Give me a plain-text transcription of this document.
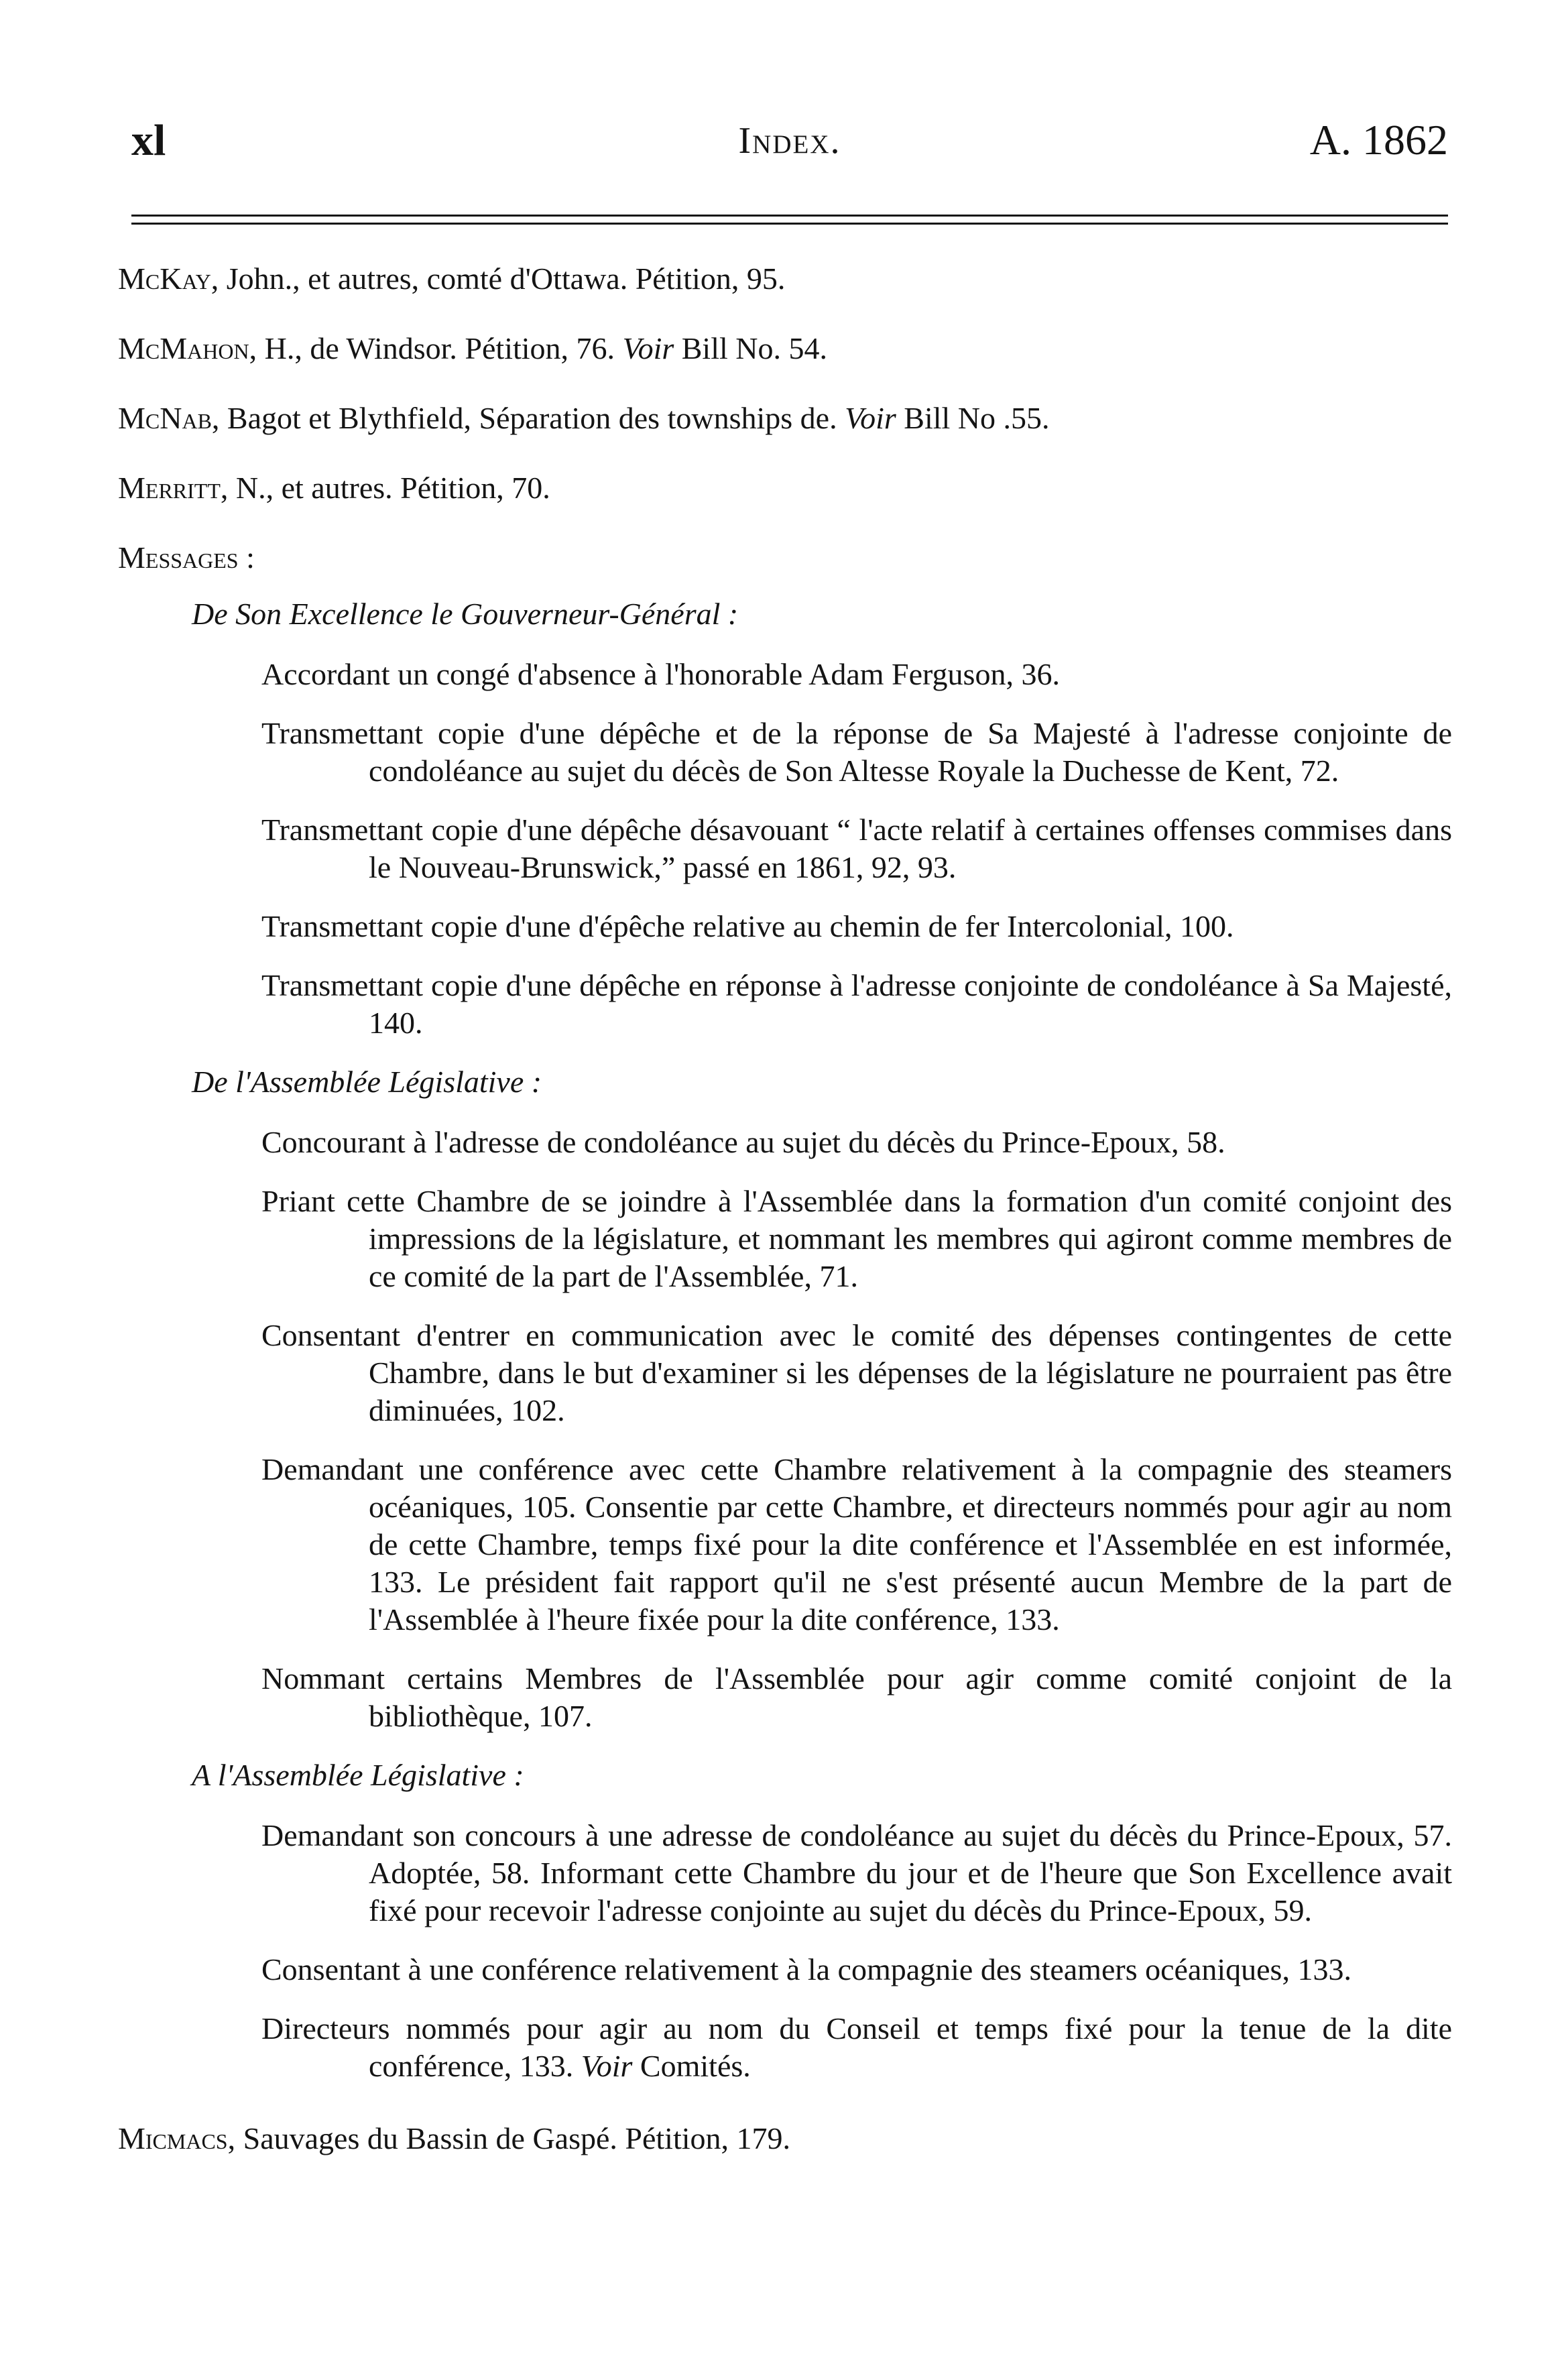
xl	Index.	A. 1862
McKay, John., et autres, comté d'Ottawa. Pétition, 95.
McMahon, H., de Windsor. Pétition, 76. Voir Bill No. 54.
McNab, Bagot et Blythfield, Séparation des townships de. Voir Bill No .55.
Merritt, N., et autres. Pétition, 70.
Messages :
De Son Excellence le Gouverneur-Général :
Accordant un congé d'absence à l'honorable Adam Ferguson, 36.
Transmettant copie d'une dépêche et de la réponse de Sa Majesté à l'adresse conjointe de condoléance au sujet du décès de Son Altesse Royale la Duchesse de Kent, 72.
Transmettant copie d'une dépêche désavouant “ l'acte relatif à certaines offenses commises dans le Nouveau-Brunswick,” passé en 1861, 92, 93.
Transmettant copie d'une d'épêche relative au chemin de fer Intercolonial, 100.
Transmettant copie d'une dépêche en réponse à l'adresse conjointe de condoléance à Sa Majesté, 140.
De l'Assemblée Législative :
Concourant à l'adresse de condoléance au sujet du décès du Prince-Epoux, 58.
Priant cette Chambre de se joindre à l'Assemblée dans la formation d'un comité conjoint des impressions de la législature, et nommant les membres qui agiront comme membres de ce comité de la part de l'Assemblée, 71.
Consentant d'entrer en communication avec le comité des dépenses contingentes de cette Chambre, dans le but d'examiner si les dépenses de la législature ne pourraient pas être diminuées, 102.
Demandant une conférence avec cette Chambre relativement à la compagnie des steamers océaniques, 105. Consentie par cette Chambre, et directeurs nommés pour agir au nom de cette Chambre, temps fixé pour la dite conférence et l'Assemblée en est informée, 133. Le président fait rapport qu'il ne s'est présenté aucun Membre de la part de l'Assemblée à l'heure fixée pour la dite conférence, 133.
Nommant certains Membres de l'Assemblée pour agir comme comité conjoint de la bibliothèque, 107.
A l'Assemblée Législative :
Demandant son concours à une adresse de condoléance au sujet du décès du Prince-Epoux, 57. Adoptée, 58. Informant cette Chambre du jour et de l'heure que Son Excellence avait fixé pour recevoir l'adresse conjointe au sujet du décès du Prince-Epoux, 59.
Consentant à une conférence relativement à la compagnie des steamers océaniques, 133.
Directeurs nommés pour agir au nom du Conseil et temps fixé pour la tenue de la dite conférence, 133. Voir Comités.
Micmacs, Sauvages du Bassin de Gaspé. Pétition, 179.
